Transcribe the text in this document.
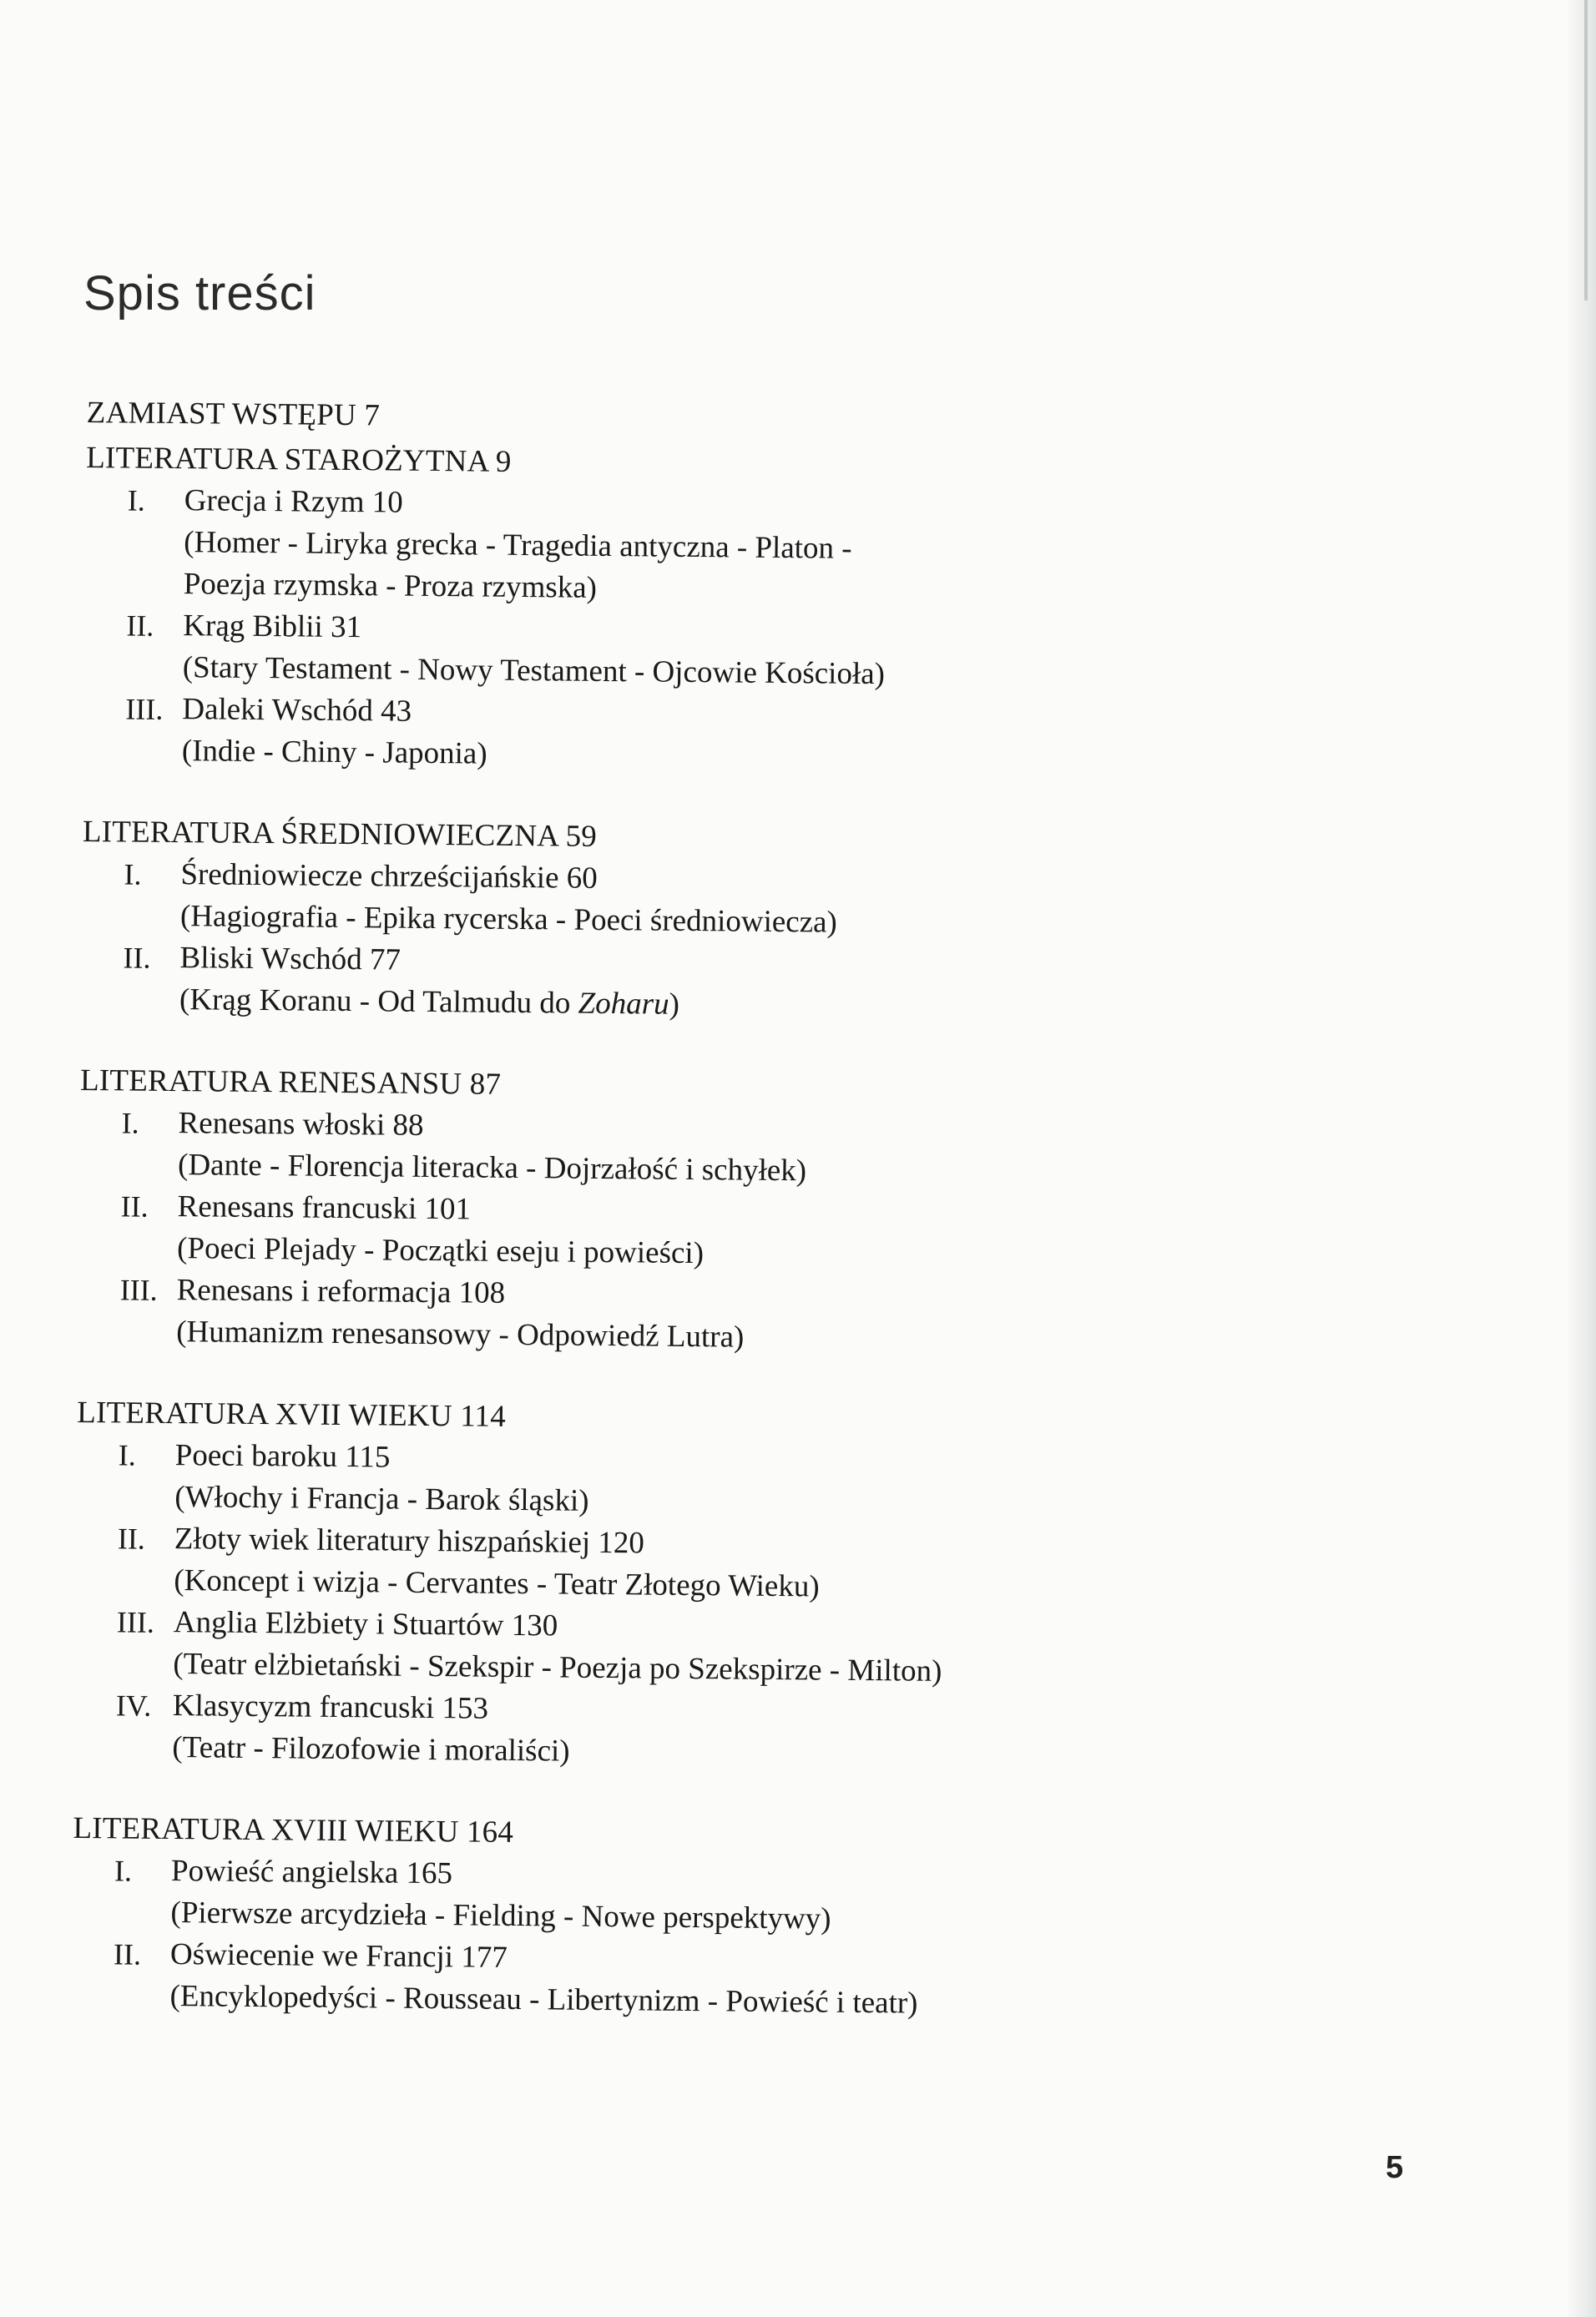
Spis treści
ZAMIAST WSTĘPU 7
LITERATURA STAROŻYTNA 9
I.	Grecja i Rzym 10
(Homer - Liryka grecka - Tragedia antyczna - Platon -
Poezja rzymska - Proza rzymska)
II. Krąg Biblii 31
(Stary Testament - Nowy Testament - Ojcowie Kościoła)
III. Daleki Wschód 43
(Indie - Chiny - Japonia)
LITERATURA ŚREDNIOWIECZNA 59
I.	Średniowiecze chrześcijańskie 60
(Hagiografia - Epika rycerska - Poeci średniowiecza)
II. Bliski Wschód 77
(Krąg Koranu - Od Talmudu do Zoharu)
LITERATURA RENESANSU 87
I.	Renesans włoski 88
(Dante - Florencja literacka - Dojrzałość i schyłek)
II. Renesans francuski 101
(Poeci Plejady - Początki eseju i powieści)
III. Renesans i reformacja 108
(Humanizm renesansowy - Odpowiedź Lutra)
LITERATURA XVII WIEKU 114
I.	Poeci baroku 115
(Włochy i Francja - Barok śląski)
II. Złoty wiek literatury hiszpańskiej 120
(Koncept i wizja - Cervantes - Teatr Złotego Wieku)
III. Anglia Elżbiety i Stuartów 130
(Teatr elżbietański - Szekspir - Poezja po Szekspirze - Milton)
IV. Klasycyzm francuski 153
(Teatr - Filozofowie i moraliści)
LITERATURA XVIII WIEKU 164
I.	Powieść angielska 165
(Pierwsze arcydzieła - Fielding - Nowe perspektywy)
II. Oświecenie we Francji 177
(Encyklopedyści - Rousseau - Libertynizm - Powieść i teatr)
5
